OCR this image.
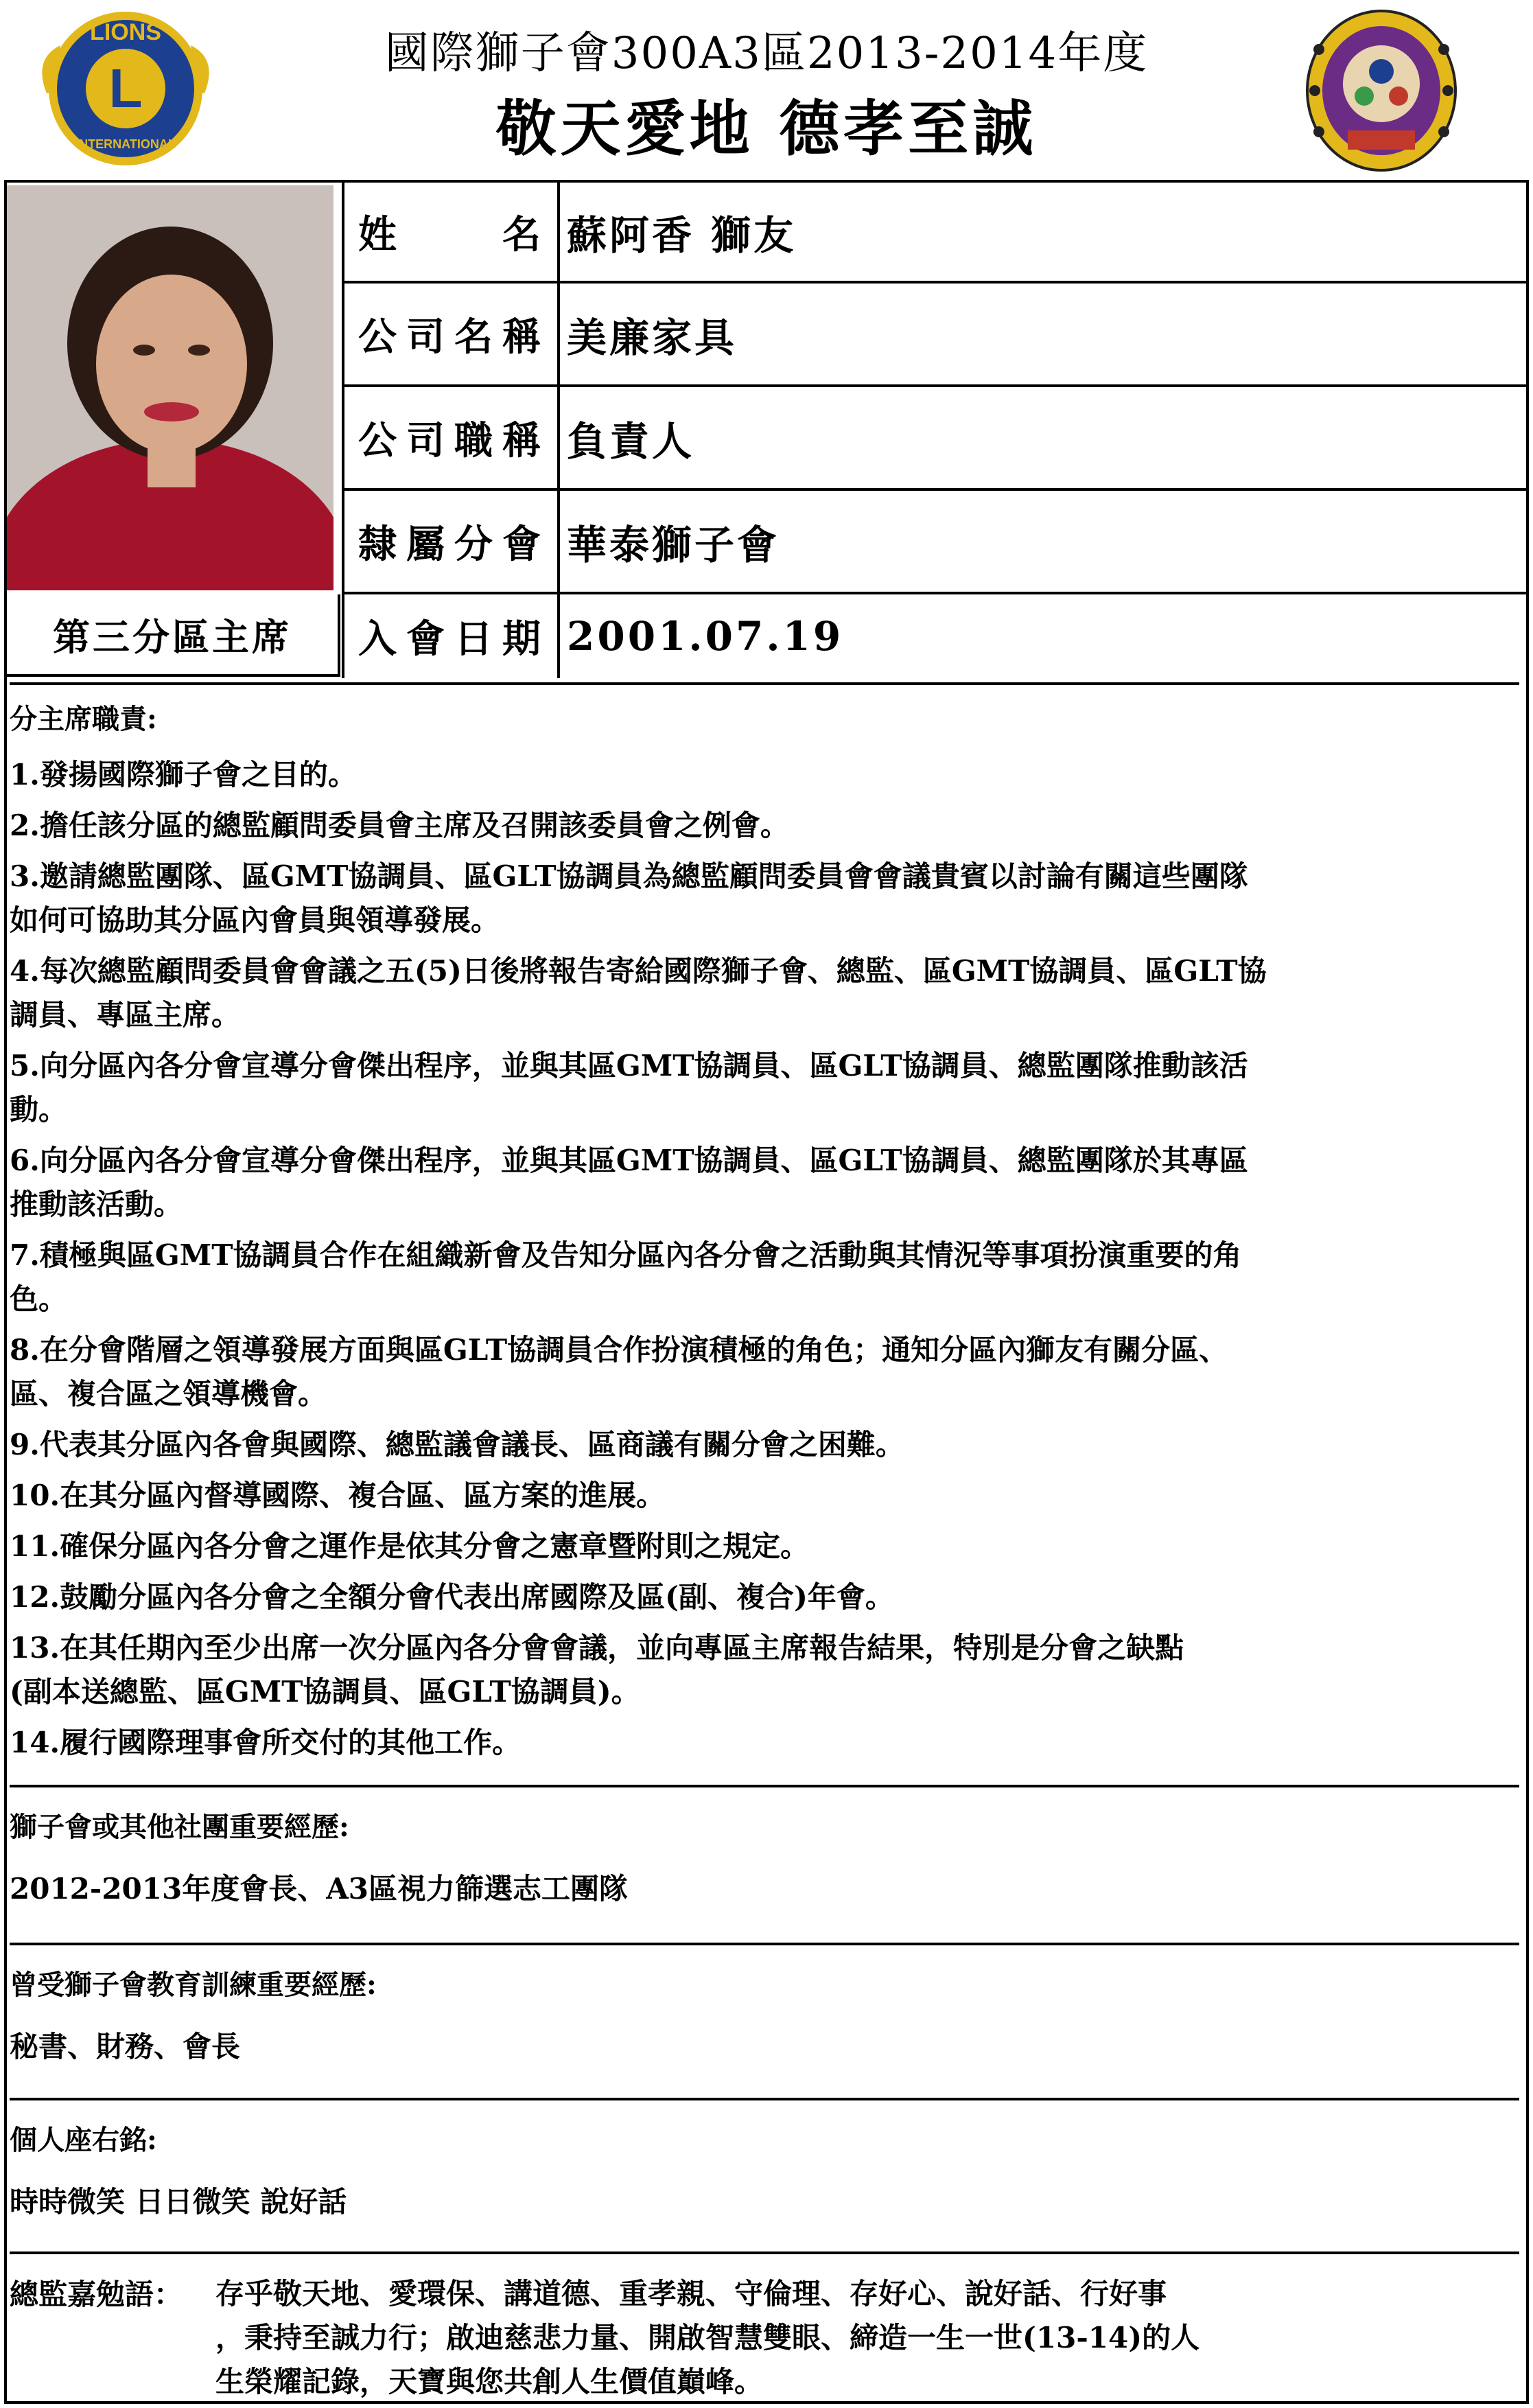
L
LIONS
INTERNATIONAL
國際獅子會300A3區2013-2014年度
敬天愛地 德孝至誠
第三分區主席
姓　　名 蘇阿香 獅友
公司名稱 美廉家具
公司職稱 負責人
隸屬分會 華泰獅子會
入會日期 2001.07.19
分主席職責:
1.發揚國際獅子會之目的。
2.擔任該分區的總監顧問委員會主席及召開該委員會之例會。
3.邀請總監團隊、區GMT協調員、區GLT協調員為總監顧問委員會會議貴賓以討論有關這些團隊
如何可協助其分區內會員與領導發展。
4.每次總監顧問委員會會議之五(5)日後將報告寄給國際獅子會、總監、區GMT協調員、區GLT協
調員、專區主席。
5.向分區內各分會宣導分會傑出程序，並與其區GMT協調員、區GLT協調員、總監團隊推動該活
動。
6.向分區內各分會宣導分會傑出程序，並與其區GMT協調員、區GLT協調員、總監團隊於其專區
推動該活動。
7.積極與區GMT協調員合作在組織新會及告知分區內各分會之活動與其情況等事項扮演重要的角
色。
8.在分會階層之領導發展方面與區GLT協調員合作扮演積極的角色；通知分區內獅友有關分區、
區、複合區之領導機會。
9.代表其分區內各會與國際、總監議會議長、區商議有關分會之困難。
10.在其分區內督導國際、複合區、區方案的進展。
11.確保分區內各分會之運作是依其分會之憲章暨附則之規定。
12.鼓勵分區內各分會之全額分會代表出席國際及區(副、複合)年會。
13.在其任期內至少出席一次分區內各分會會議，並向專區主席報告結果，特別是分會之缺點
(副本送總監、區GMT協調員、區GLT協調員)。
14.履行國際理事會所交付的其他工作。
獅子會或其他社團重要經歷:
2012-2013年度會長、A3區視力篩選志工團隊
曾受獅子會教育訓練重要經歷:
秘書、財務、會長
個人座右銘:
時時微笑 日日微笑 說好話
總監嘉勉語： 存乎敬天地、愛環保、講道德、重孝親、守倫理、存好心、說好話、行好事
，秉持至誠力行；啟迪慈悲力量、開啟智慧雙眼、締造一生一世(13-14)的人
生榮耀記錄，天寶與您共創人生價值巔峰。
